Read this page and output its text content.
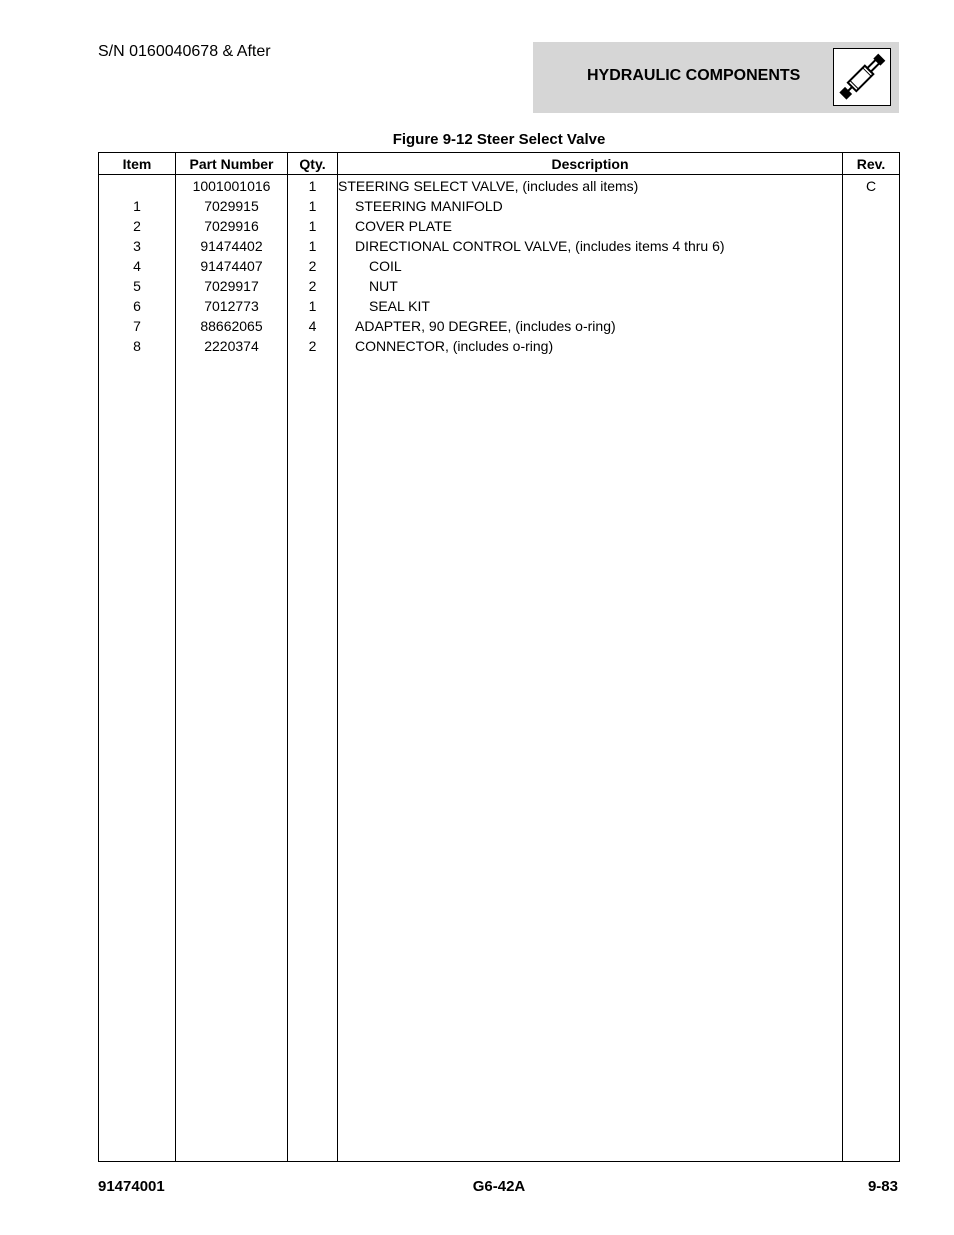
S/N 0160040678 & After
HYDRAULIC COMPONENTS
Figure 9-12 Steer Select Valve
Item	Part Number	Qty.	Description	Rev.
	1001001016	1	STEERING SELECT VALVE, (includes all items)	C
1	7029915	1	STEERING MANIFOLD	
2	7029916	1	COVER PLATE	
3	91474402	1	DIRECTIONAL CONTROL VALVE, (includes items 4 thru 6)	
4	91474407	2	COIL	
5	7029917	2	NUT	
6	7012773	1	SEAL KIT	
7	88662065	4	ADAPTER, 90 DEGREE, (includes o-ring)	
8	2220374	2	CONNECTOR, (includes o-ring)	

91474001	G6-42A	9-83
